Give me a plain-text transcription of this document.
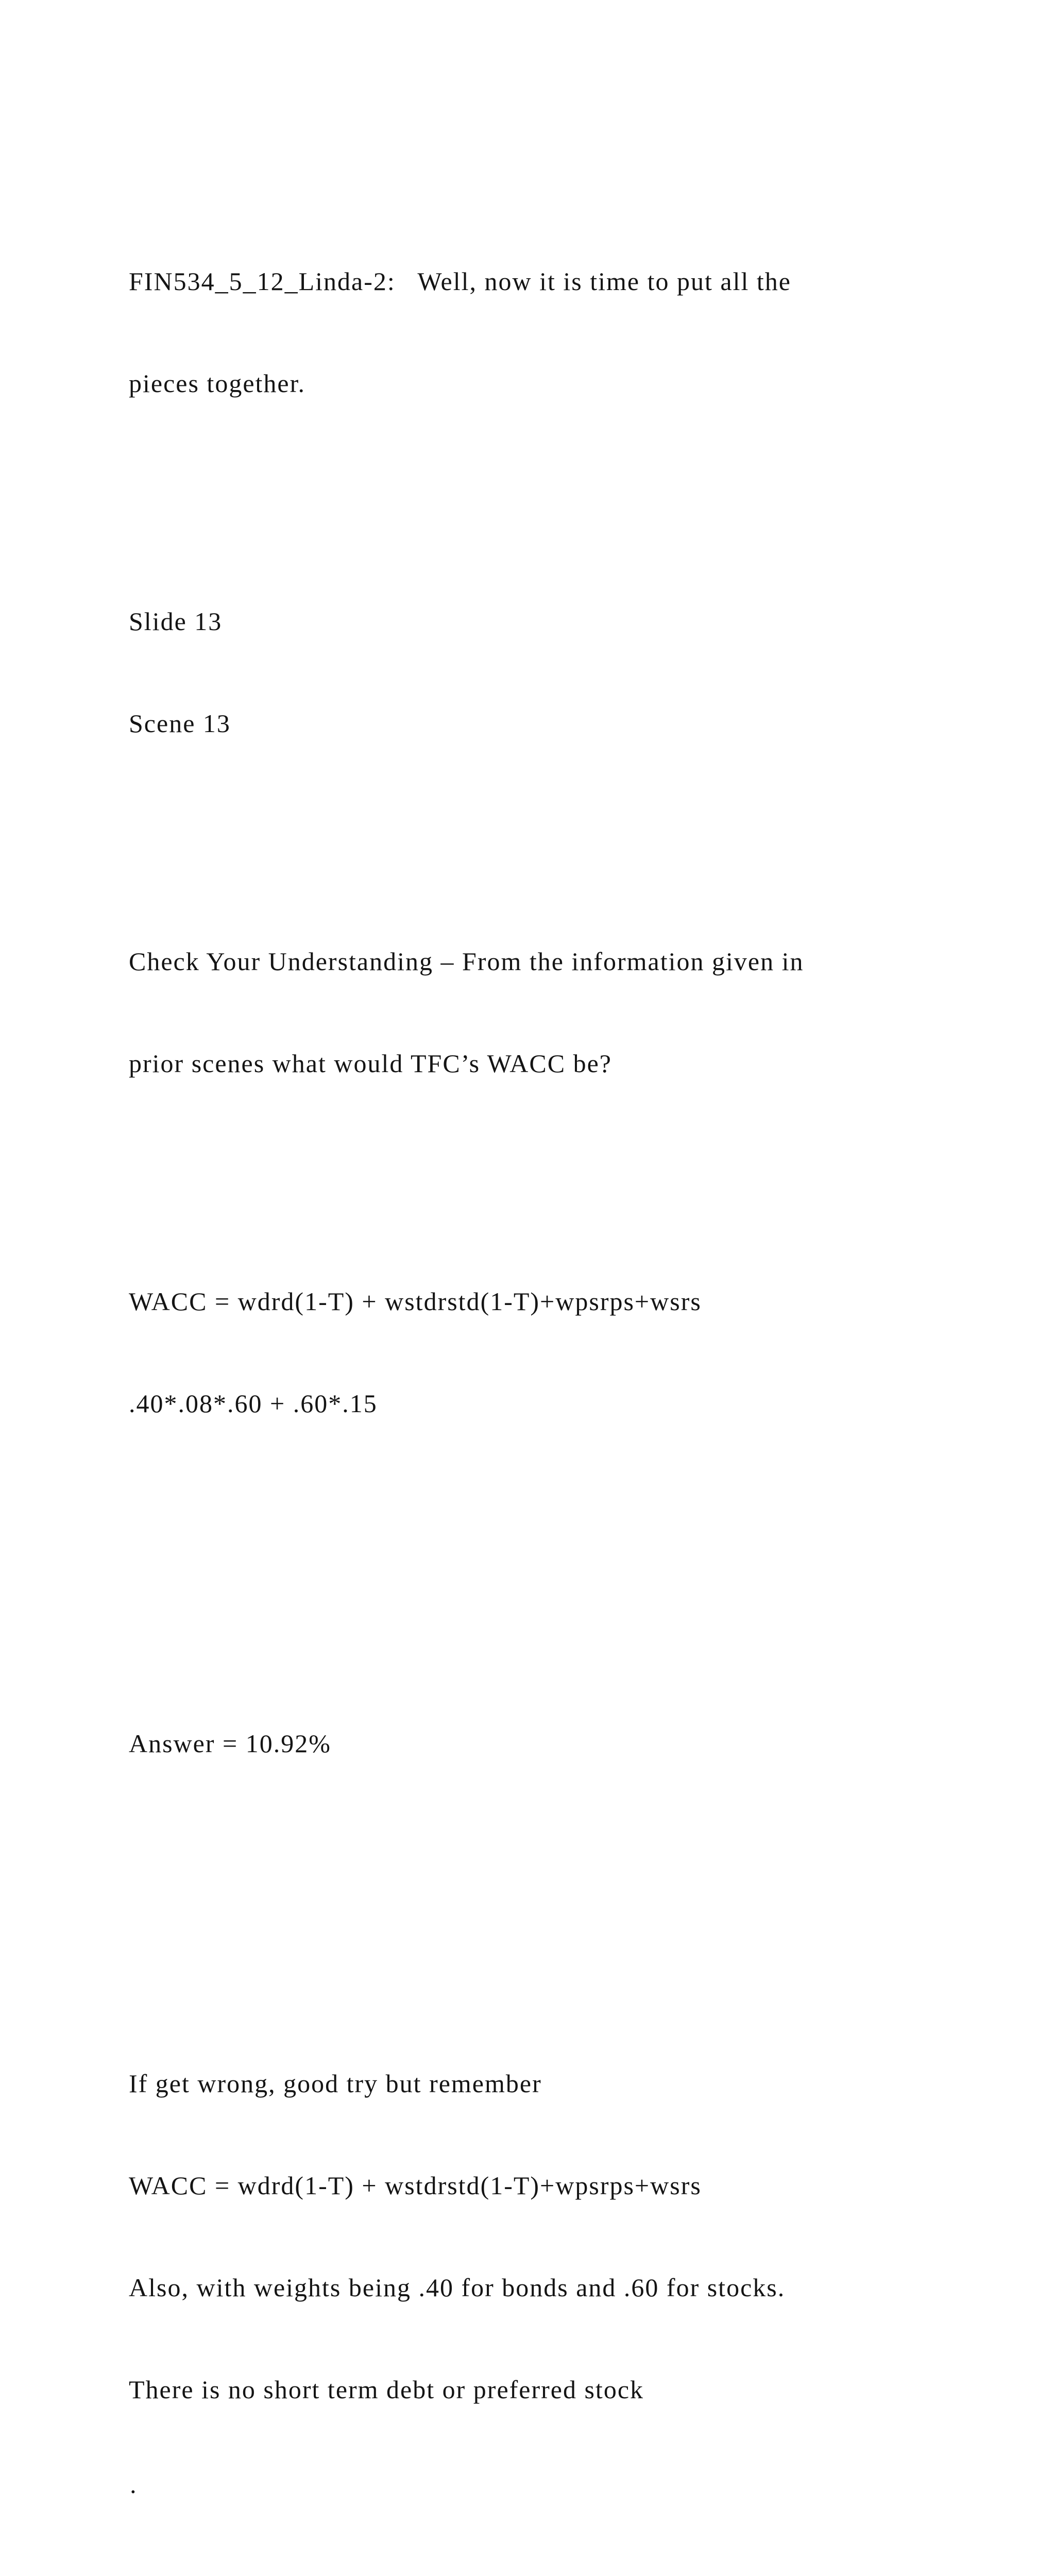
FIN534_5_12_Linda-2:   Well, now it is time to put all the

pieces together.

Slide 13

Scene 13

Check Your Understanding – From the information given in

prior scenes what would TFC’s WACC be?

WACC = wdrd(1-T) + wstdrstd(1-T)+wpsrps+wsrs

.40*.08*.60 + .60*.15

Answer = 10.92%

If get wrong, good try but remember

WACC = wdrd(1-T) + wstdrstd(1-T)+wpsrps+wsrs

Also, with weights being .40 for bonds and .60 for stocks.

There is no short term debt or preferred stock

·
